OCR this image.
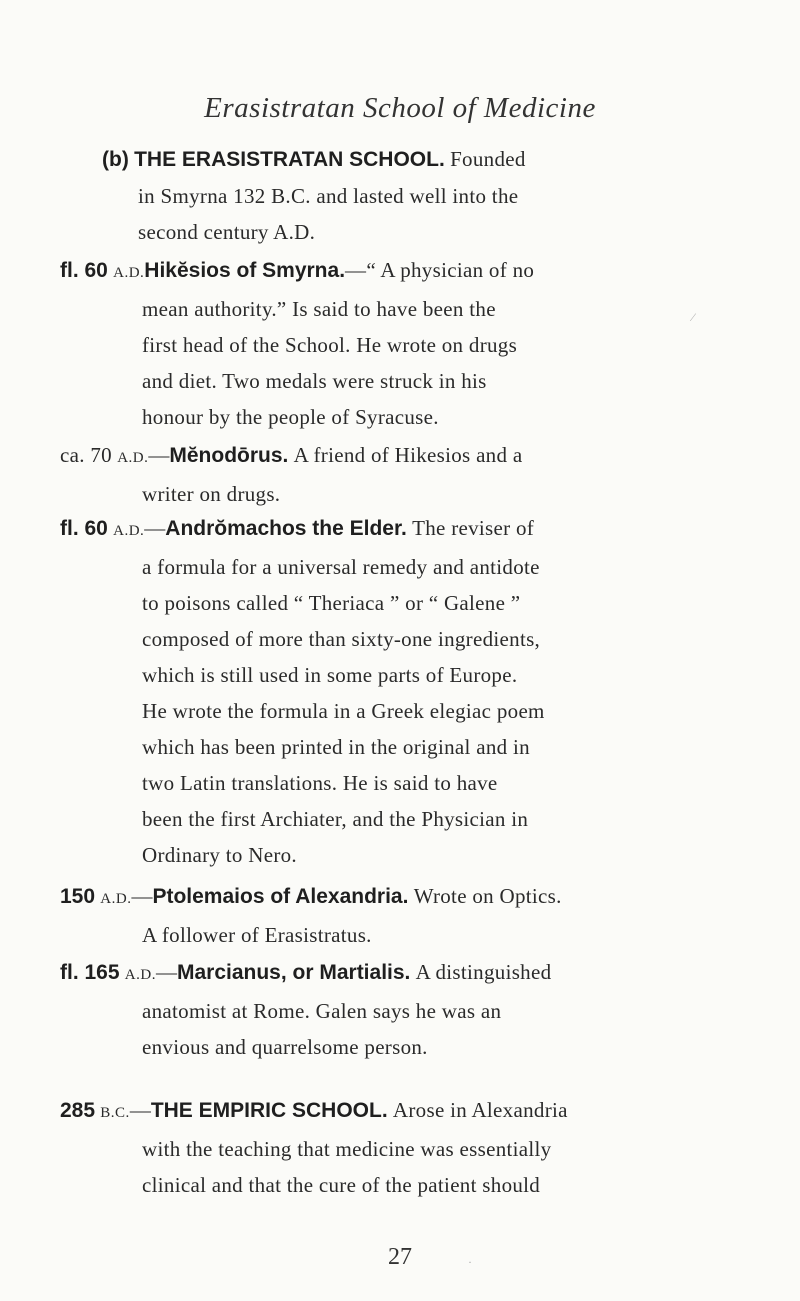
Erasistratan School of Medicine
(b) THE ERASISTRATAN SCHOOL. Founded
in Smyrna 132 B.C. and lasted well into the
second century A.D.
fl. 60 A.D.Hikĕsios of Smyrna.—“ A physician of no
mean authority.” Is said to have been the
first head of the School. He wrote on drugs
and diet. Two medals were struck in his
honour by the people of Syracuse.
ca. 70 A.D.—Mĕnodōrus. A friend of Hikesios and a
writer on drugs.
fl. 60 A.D.—Andrŏmachos the Elder. The reviser of
a formula for a universal remedy and antidote
to poisons called “ Theriaca ” or “ Galene ”
composed of more than sixty-one ingredients,
which is still used in some parts of Europe.
He wrote the formula in a Greek elegiac poem
which has been printed in the original and in
two Latin translations. He is said to have
been the first Archiater, and the Physician in
Ordinary to Nero.
150 A.D.—Ptolemaios of Alexandria. Wrote on Optics.
A follower of Erasistratus.
fl. 165 A.D.—Marcianus, or Martialis. A distinguished
anatomist at Rome. Galen says he was an
envious and quarrelsome person.
285 B.C.—THE EMPIRIC SCHOOL. Arose in Alexandria
with the teaching that medicine was essentially
clinical and that the cure of the patient should
27
⁄
·
